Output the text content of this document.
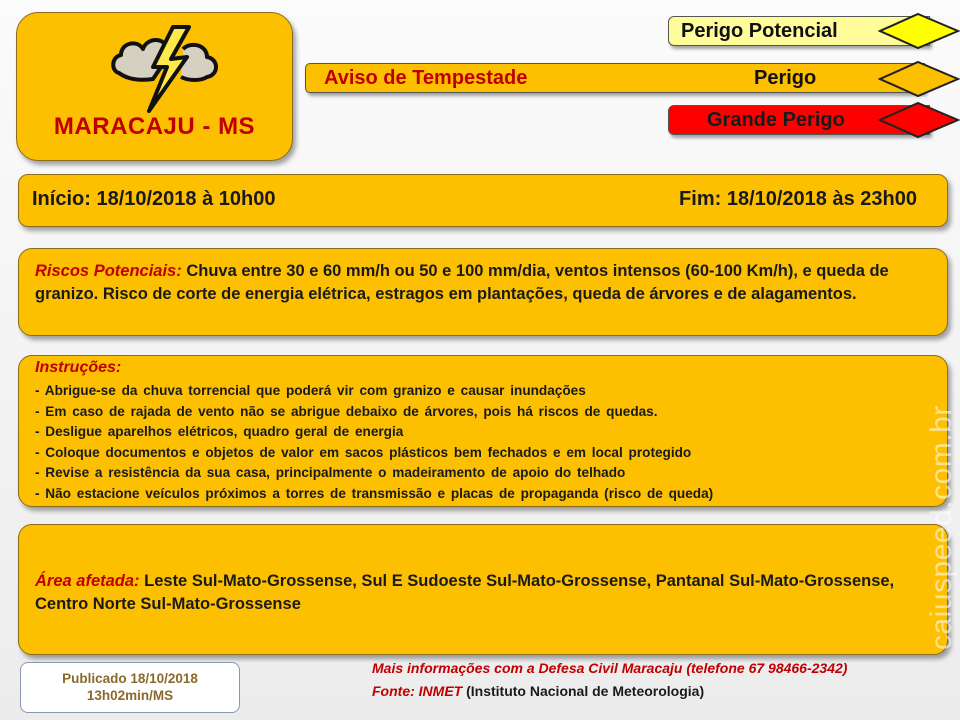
MARACAJU - MS
Perigo Potencial
Aviso de Tempestade	Perigo
Grande Perigo
Início: 18/10/2018 à 10h00	Fim: 18/10/2018 às 23h00
Riscos Potenciais: Chuva entre 30 e 60 mm/h ou 50 e 100 mm/dia, ventos intensos (60-100 Km/h), e queda de granizo. Risco de corte de energia elétrica, estragos em plantações, queda de árvores e de alagamentos.
Instruções:
- Abrigue-se da chuva torrencial que poderá vir com granizo e causar inundações
- Em caso de rajada de vento não se abrigue debaixo de árvores, pois há riscos de quedas.
- Desligue aparelhos elétricos, quadro geral de energia
- Coloque documentos e objetos de valor em sacos plásticos bem fechados e em local protegido
- Revise a resistência da sua casa, principalmente o madeiramento de apoio do telhado
- Não estacione veículos próximos a torres de transmissão e placas de propaganda (risco de queda)
Área afetada: Leste Sul-Mato-Grossense, Sul E Sudoeste Sul-Mato-Grossense, Pantanal Sul-Mato-Grossense, Centro Norte Sul-Mato-Grossense
Publicado 18/10/2018
13h02min/MS
Mais informações com a Defesa Civil Maracaju (telefone 67 98466-2342)
Fonte: INMET (Instituto Nacional de Meteorologia)
caiuspeed.com.br
